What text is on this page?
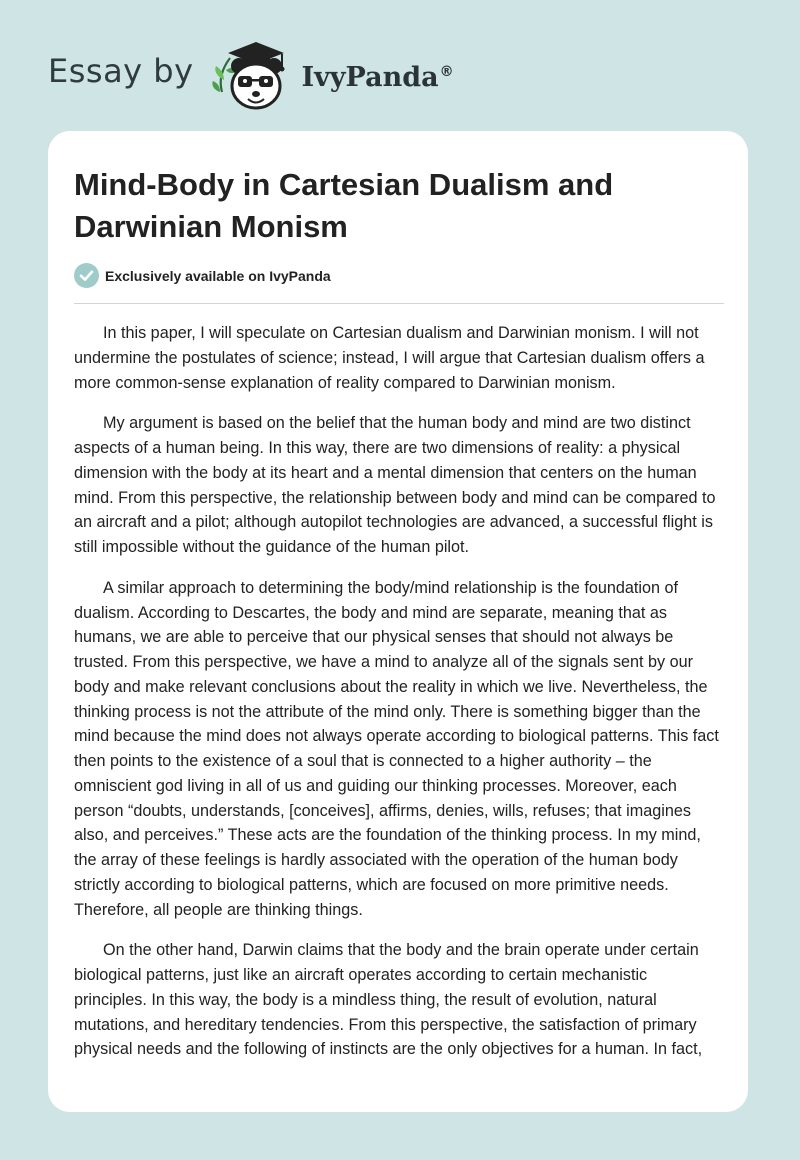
Essay by	IvyPanda®
Mind-Body in Cartesian Dualism and Darwinian Monism
Exclusively available on IvyPanda

In this paper, I will speculate on Cartesian dualism and Darwinian monism. I will not undermine the postulates of science; instead, I will argue that Cartesian dualism offers a more common-sense explanation of reality compared to Darwinian monism.

My argument is based on the belief that the human body and mind are two distinct aspects of a human being. In this way, there are two dimensions of reality: a physical dimension with the body at its heart and a mental dimension that centers on the human mind. From this perspective, the relationship between body and mind can be compared to an aircraft and a pilot; although autopilot technologies are advanced, a successful flight is still impossible without the guidance of the human pilot.

A similar approach to determining the body/mind relationship is the foundation of dualism. According to Descartes, the body and mind are separate, meaning that as humans, we are able to perceive that our physical senses that should not always be trusted. From this perspective, we have a mind to analyze all of the signals sent by our body and make relevant conclusions about the reality in which we live. Nevertheless, the thinking process is not the attribute of the mind only. There is something bigger than the mind because the mind does not always operate according to biological patterns. This fact then points to the existence of a soul that is connected to a higher authority – the omniscient god living in all of us and guiding our thinking processes. Moreover, each person “doubts, understands, [conceives], affirms, denies, wills, refuses; that imagines also, and perceives.” These acts are the foundation of the thinking process. In my mind, the array of these feelings is hardly associated with the operation of the human body strictly according to biological patterns, which are focused on more primitive needs. Therefore, all people are thinking things.

On the other hand, Darwin claims that the body and the brain operate under certain biological patterns, just like an aircraft operates according to certain mechanistic principles. In this way, the body is a mindless thing, the result of evolution, natural mutations, and hereditary tendencies. From this perspective, the satisfaction of primary physical needs and the following of instincts are the only objectives for a human. In fact,
